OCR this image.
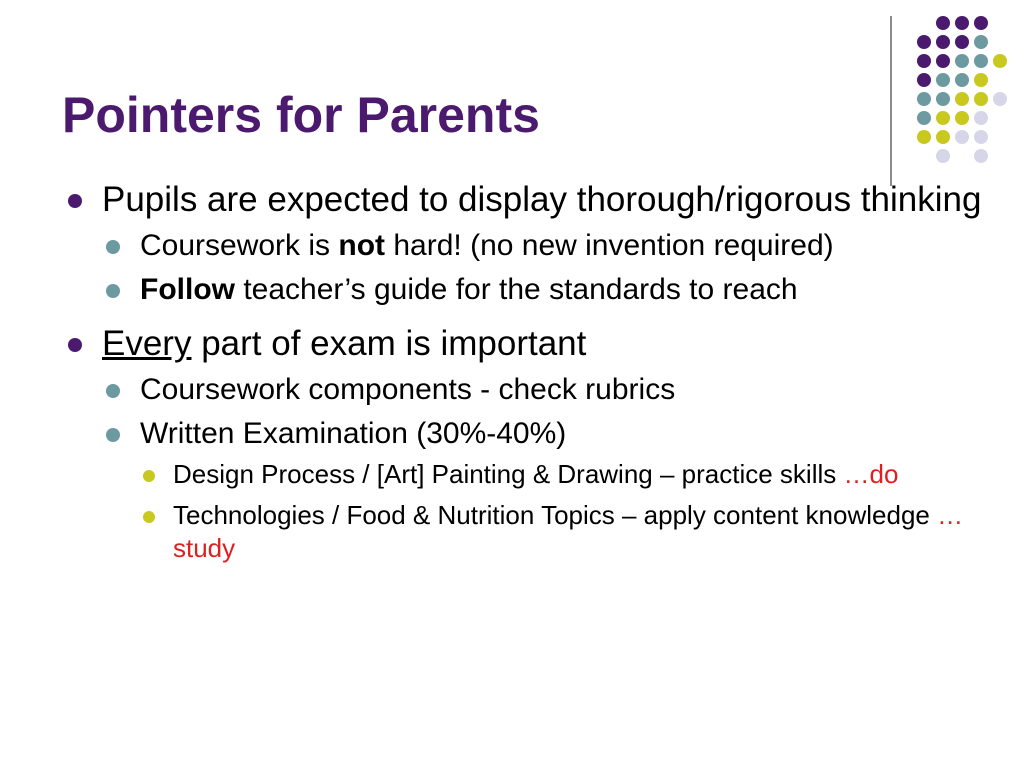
Pointers for Parents
Pupils are expected to display thorough/rigorous thinking
Coursework is not hard! (no new invention required)
Follow teacher’s guide for the standards to reach
Every part of exam is important
Coursework components - check rubrics
Written Examination (30%-40%)
Design Process / [Art] Painting & Drawing – practice skills …do
Technologies / Food & Nutrition Topics – apply content knowledge …study
